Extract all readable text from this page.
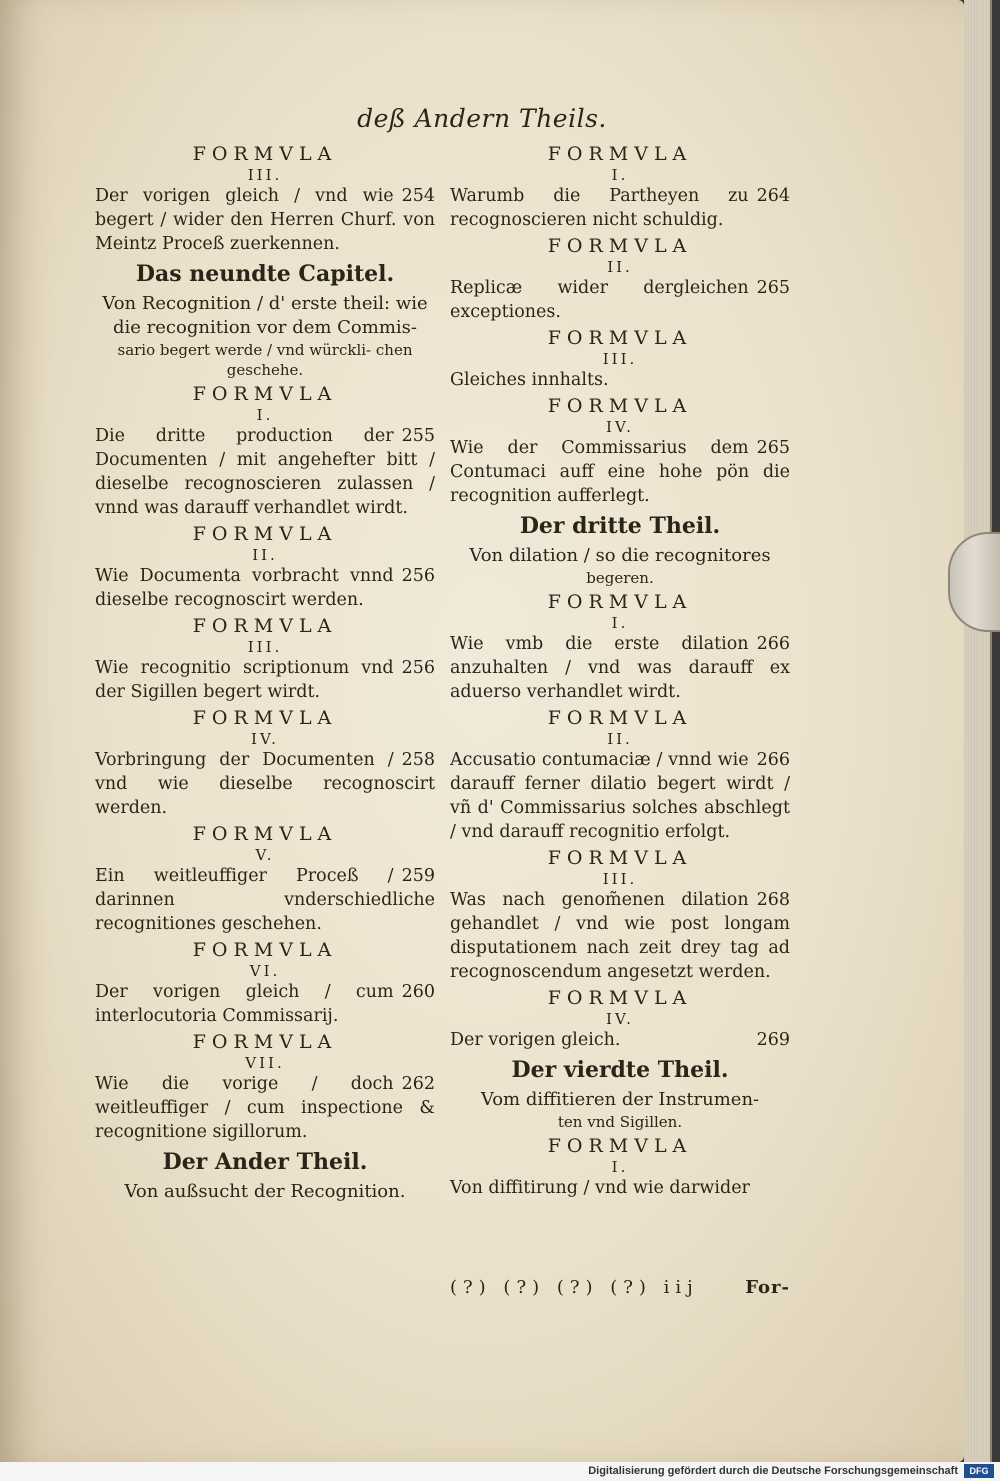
deß Andern Theils.
FORMVLA
III.
254
Der vorigen gleich / vnd wie begert / wider den Herren Churf. von Meintz Proceß zuerkennen.
Das neundte Capitel.
Von Recognition / d' erste theil: wie die recognition vor dem Commis-
sario begert werde / vnd würckli- chen geschehe.
FORMVLA
I.
255
Die dritte production der Documenten / mit angehefter bitt / dieselbe recognoscieren zulassen / vnnd was darauff verhandlet wirdt.
FORMVLA
II.
256
Wie Documenta vorbracht vnnd dieselbe recognoscirt werden.
FORMVLA
III.
256
Wie recognitio scriptionum vnd der Sigillen begert wirdt.
FORMVLA
IV.
258
Vorbringung der Documenten / vnd wie dieselbe recognoscirt werden.
FORMVLA
V.
259
Ein weitleuffiger Proceß / darinnen vnderschiedliche recognitiones geschehen.
FORMVLA
VI.
260
Der vorigen gleich / cum interlocutoria Commissarij.
FORMVLA
VII.
262
Wie die vorige / doch weitleuffiger / cum inspectione & recognitione sigillorum.
Der Ander Theil.
Von außsucht der Recognition.
FORMVLA
I.
264
Warumb die Partheyen zu recognoscieren nicht schuldig.
FORMVLA
II.
265
Replicæ wider dergleichen exceptiones.
FORMVLA
III.
Gleiches innhalts.
FORMVLA
IV.
265
Wie der Commissarius dem Contumaci auff eine hohe pön die recognition aufferlegt.
Der dritte Theil.
Von dilation / so die recognitores
begeren.
FORMVLA
I.
266
Wie vmb die erste dilation anzuhalten / vnd was darauff ex aduerso verhandlet wirdt.
FORMVLA
II.
266
Accusatio contumaciæ / vnnd wie darauff ferner dilatio begert wirdt / vñ d' Commissarius solches abschlegt / vnd darauff recognitio erfolgt.
FORMVLA
III.
268
Was nach genom̃enen dilation gehandlet / vnd wie post longam disputationem nach zeit drey tag ad recognoscendum angesetzt werden.
FORMVLA
IV.
269
Der vorigen gleich.
Der vierdte Theil.
Vom diffitieren der Instrumen-
ten vnd Sigillen.
FORMVLA
I.
Von diffitirung / vnd wie darwider
(?) (?) (?) (?) iij	For-
Digitalisierung gefördert durch die Deutsche Forschungsgemeinschaft	DFG
